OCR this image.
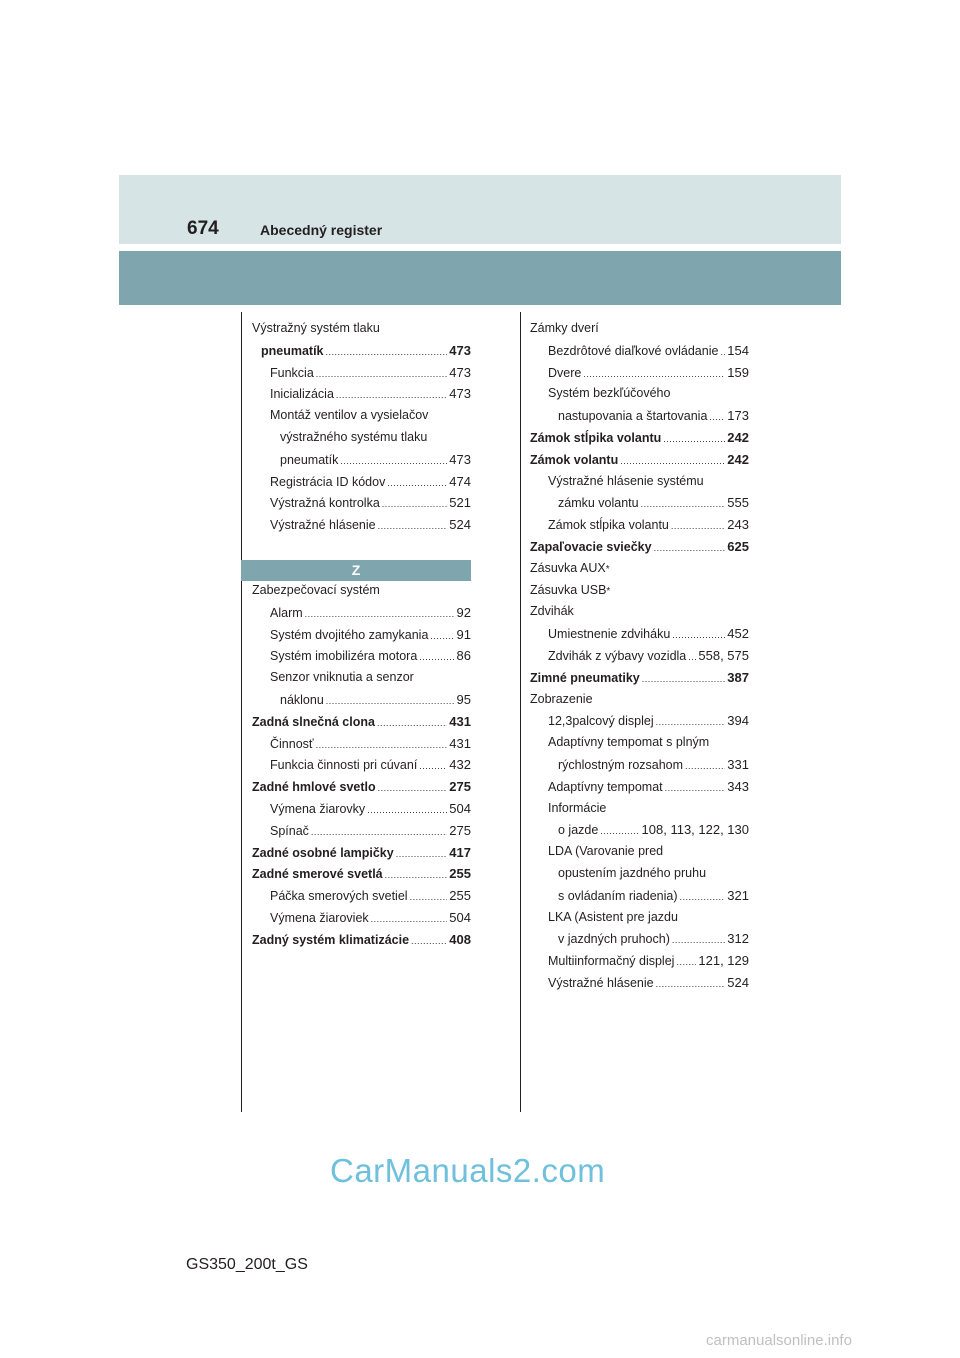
674	Abecedný register
Výstražný systém tlaku
pneumatík .....	473
Funkcia .....	473
Inicializácia .....	473
Montáž ventilov a vysielačov
výstražného systému tlaku
pneumatík .....	473
Registrácia ID kódov .....	474
Výstražná kontrolka .....	521
Výstražné hlásenie .....	524
Zabezpečovací systém
Alarm .....	92
Systém dvojitého zamykania ..... 91
Systém imobilizéra motora .....	86
Senzor vniknutia a senzor
náklonu .....	95
Zadná slnečná clona .....	431
Činnosť .....	431
Funkcia činnosti pri cúvaní ..... 432
Zadné hmlové svetlo .....	275
Výmena žiarovky .....	504
Spínač .....	275
Zadné osobné lampičky .....	417
Zadné smerové svetlá .....	255
Páčka smerových svetiel .....	255
Výmena žiaroviek .....	504
Zadný systém klimatizácie .....	408
Z
Zámky dverí
Bezdrôtové diaľkové ovládanie ..... 154
Dvere .....	159
Systém bezkľúčového
nastupovania a štartovania ..... 173
Zámok stĺpika volantu .....	242
Zámok volantu .....	242
Výstražné hlásenie systému
zámku volantu .....	555
Zámok stĺpika volantu .....	243
Zapaľovacie sviečky .....	625
Zásuvka AUX *
Zásuvka USB *
Zdvihák
Umiestnenie zdviháku .....	452
Zdvihák z výbavy vozidla ..... 558, 575
Zimné pneumatiky .....	387
Zobrazenie
12,3palcový displej .....	394
Adaptívny tempomat s plným
rýchlostným rozsahom .....	331
Adaptívny tempomat .....	343
Informácie
o jazde .....	108, 113, 122, 130
LDA (Varovanie pred
opustením jazdného pruhu
s ovládaním riadenia) .....	321
LKA (Asistent pre jazdu
v jazdných pruhoch) .....	312
Multiinformačný displej ..... 121, 129
Výstražné hlásenie .....	524
CarManuals2.com
GS350_200t_GS
carmanualsonline.info
